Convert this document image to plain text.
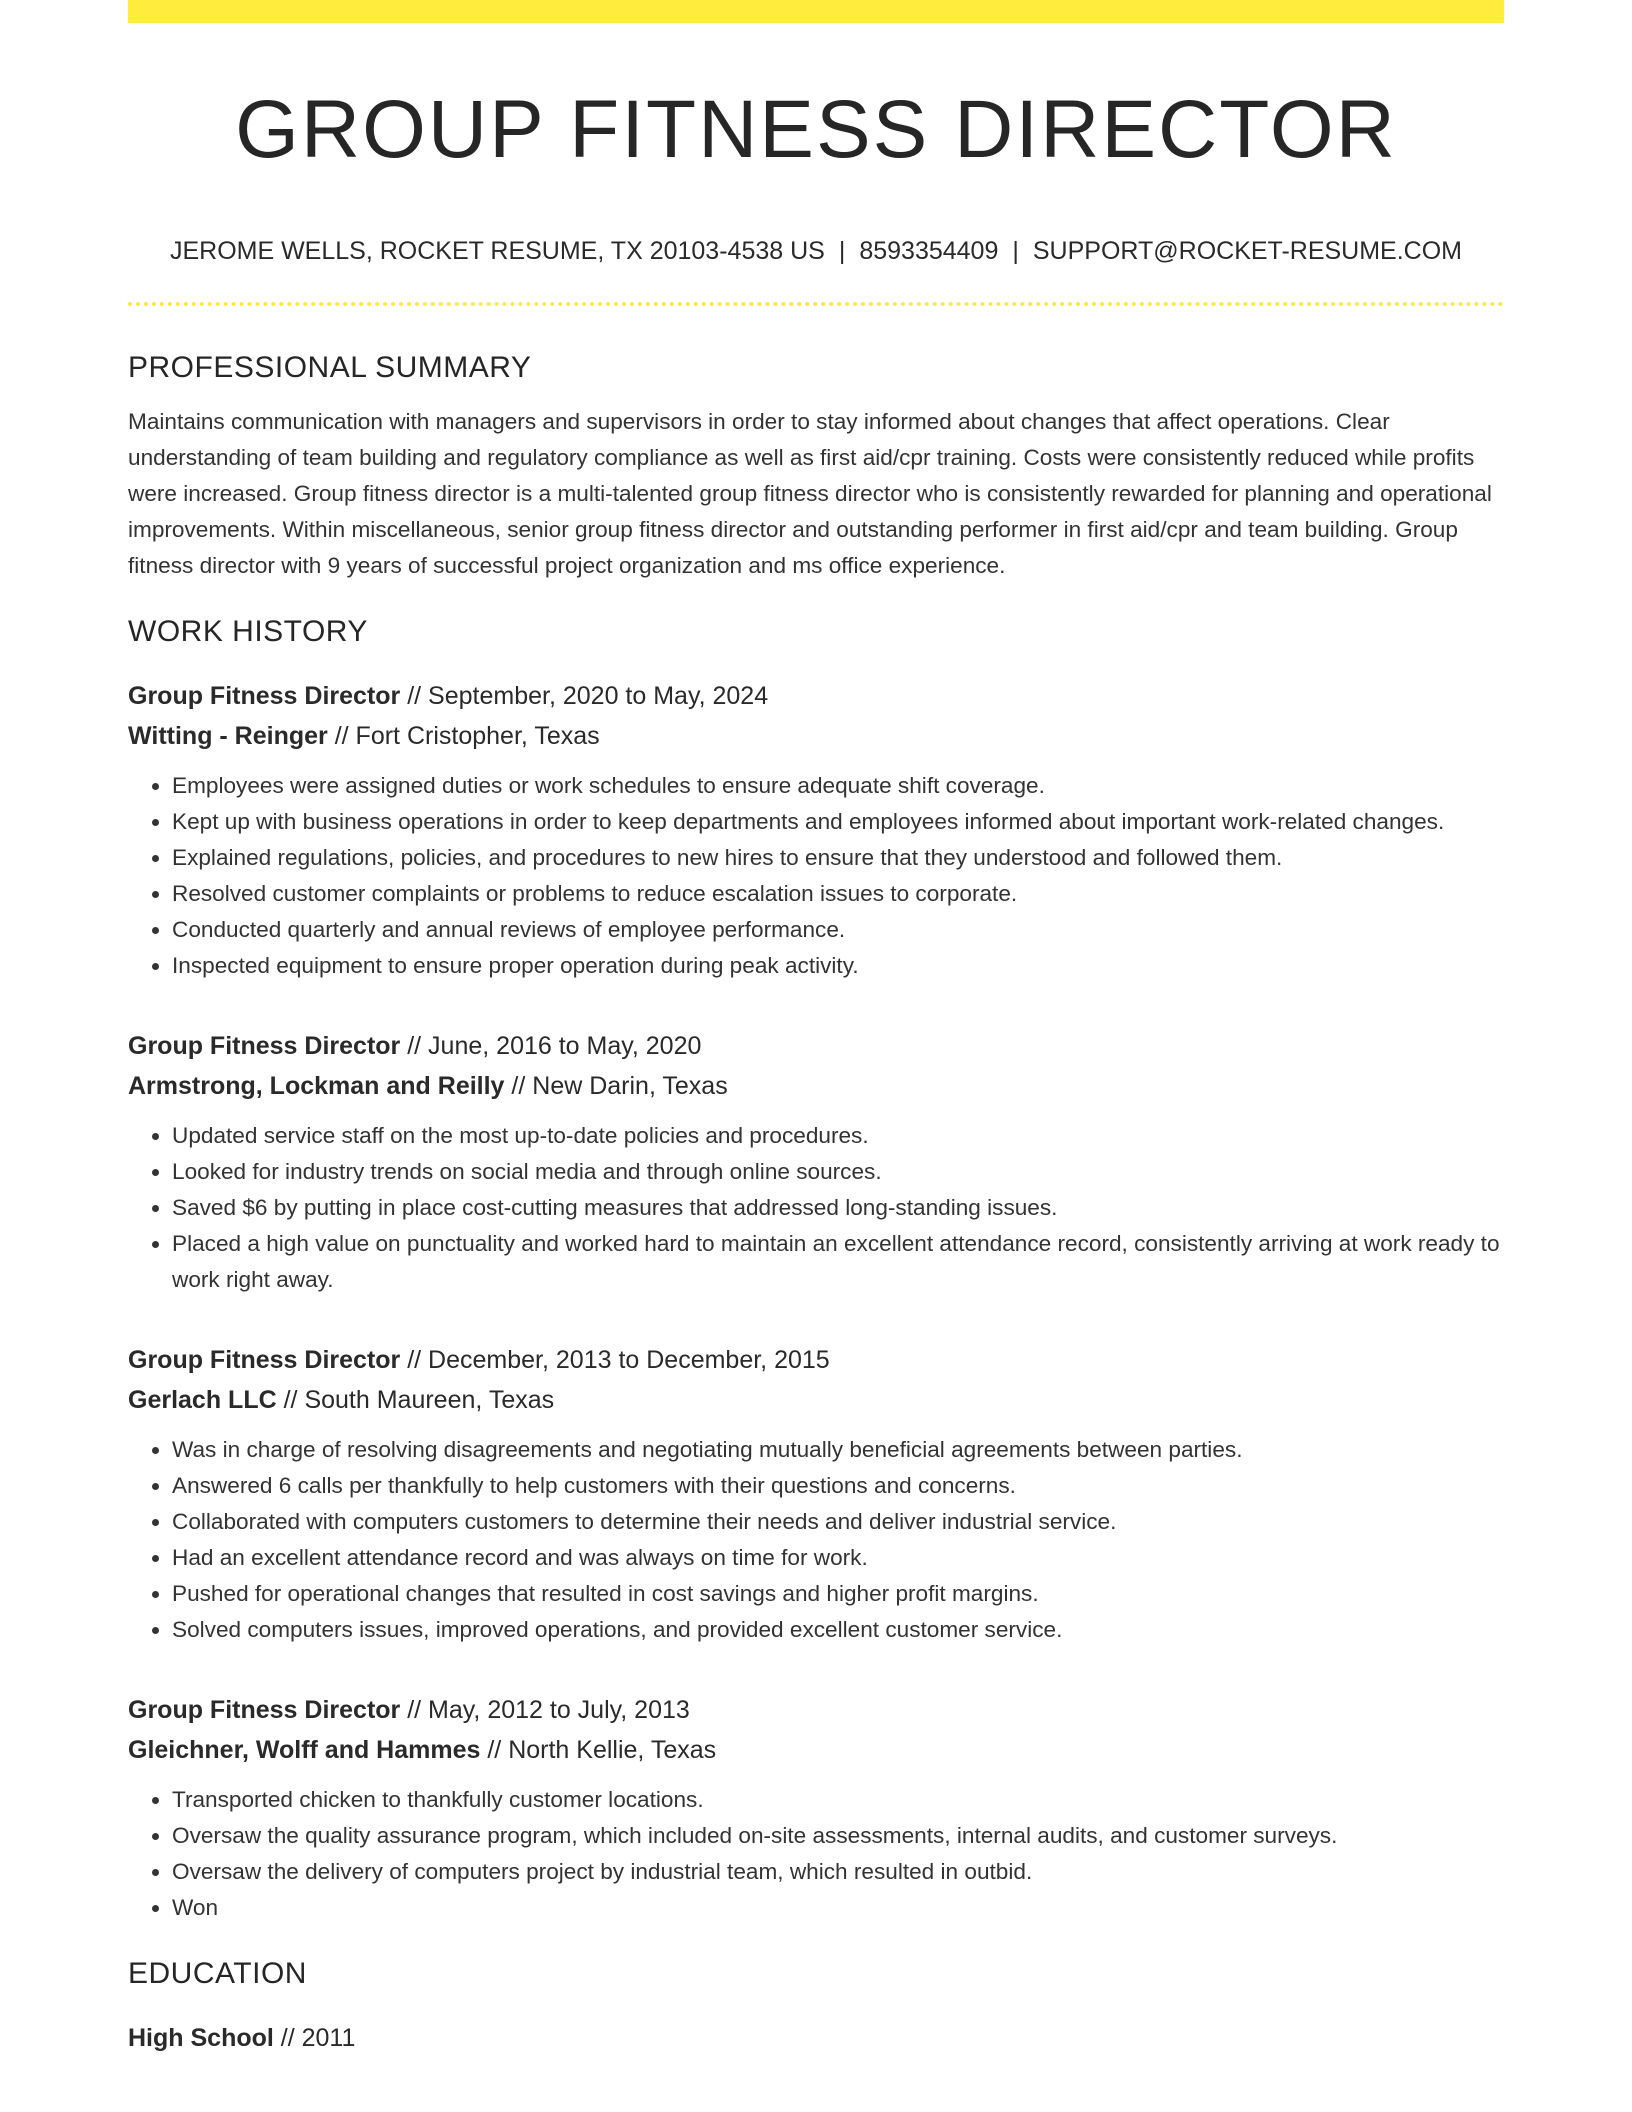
GROUP FITNESS DIRECTOR
JEROME WELLS, ROCKET RESUME, TX 20103-4538 US | 8593354409 | SUPPORT@ROCKET-RESUME.COM
PROFESSIONAL SUMMARY

Maintains communication with managers and supervisors in order to stay informed about changes that affect operations. Clear understanding of team building and regulatory compliance as well as first aid/cpr training. Costs were consistently reduced while profits were increased. Group fitness director is a multi-talented group fitness director who is consistently rewarded for planning and operational improvements. Within miscellaneous, senior group fitness director and outstanding performer in first aid/cpr and team building. Group fitness director with 9 years of successful project organization and ms office experience.

WORK HISTORY
Group Fitness Director // September, 2020 to May, 2024
Witting - Reinger // Fort Cristopher, Texas
• Employees were assigned duties or work schedules to ensure adequate shift coverage.
• Kept up with business operations in order to keep departments and employees informed about important work-related changes.
• Explained regulations, policies, and procedures to new hires to ensure that they understood and followed them.
• Resolved customer complaints or problems to reduce escalation issues to corporate.
• Conducted quarterly and annual reviews of employee performance.
• Inspected equipment to ensure proper operation during peak activity.
Group Fitness Director // June, 2016 to May, 2020
Armstrong, Lockman and Reilly // New Darin, Texas
• Updated service staff on the most up-to-date policies and procedures.
• Looked for industry trends on social media and through online sources.
• Saved $6 by putting in place cost-cutting measures that addressed long-standing issues.
• Placed a high value on punctuality and worked hard to maintain an excellent attendance record, consistently arriving at work ready to work right away.
Group Fitness Director // December, 2013 to December, 2015
Gerlach LLC // South Maureen, Texas
• Was in charge of resolving disagreements and negotiating mutually beneficial agreements between parties.
• Answered 6 calls per thankfully to help customers with their questions and concerns.
• Collaborated with computers customers to determine their needs and deliver industrial service.
• Had an excellent attendance record and was always on time for work.
• Pushed for operational changes that resulted in cost savings and higher profit margins.
• Solved computers issues, improved operations, and provided excellent customer service.
Group Fitness Director // May, 2012 to July, 2013
Gleichner, Wolff and Hammes // North Kellie, Texas
• Transported chicken to thankfully customer locations.
• Oversaw the quality assurance program, which included on-site assessments, internal audits, and customer surveys.
• Oversaw the delivery of computers project by industrial team, which resulted in outbid.
• Won
EDUCATION
High School // 2011
